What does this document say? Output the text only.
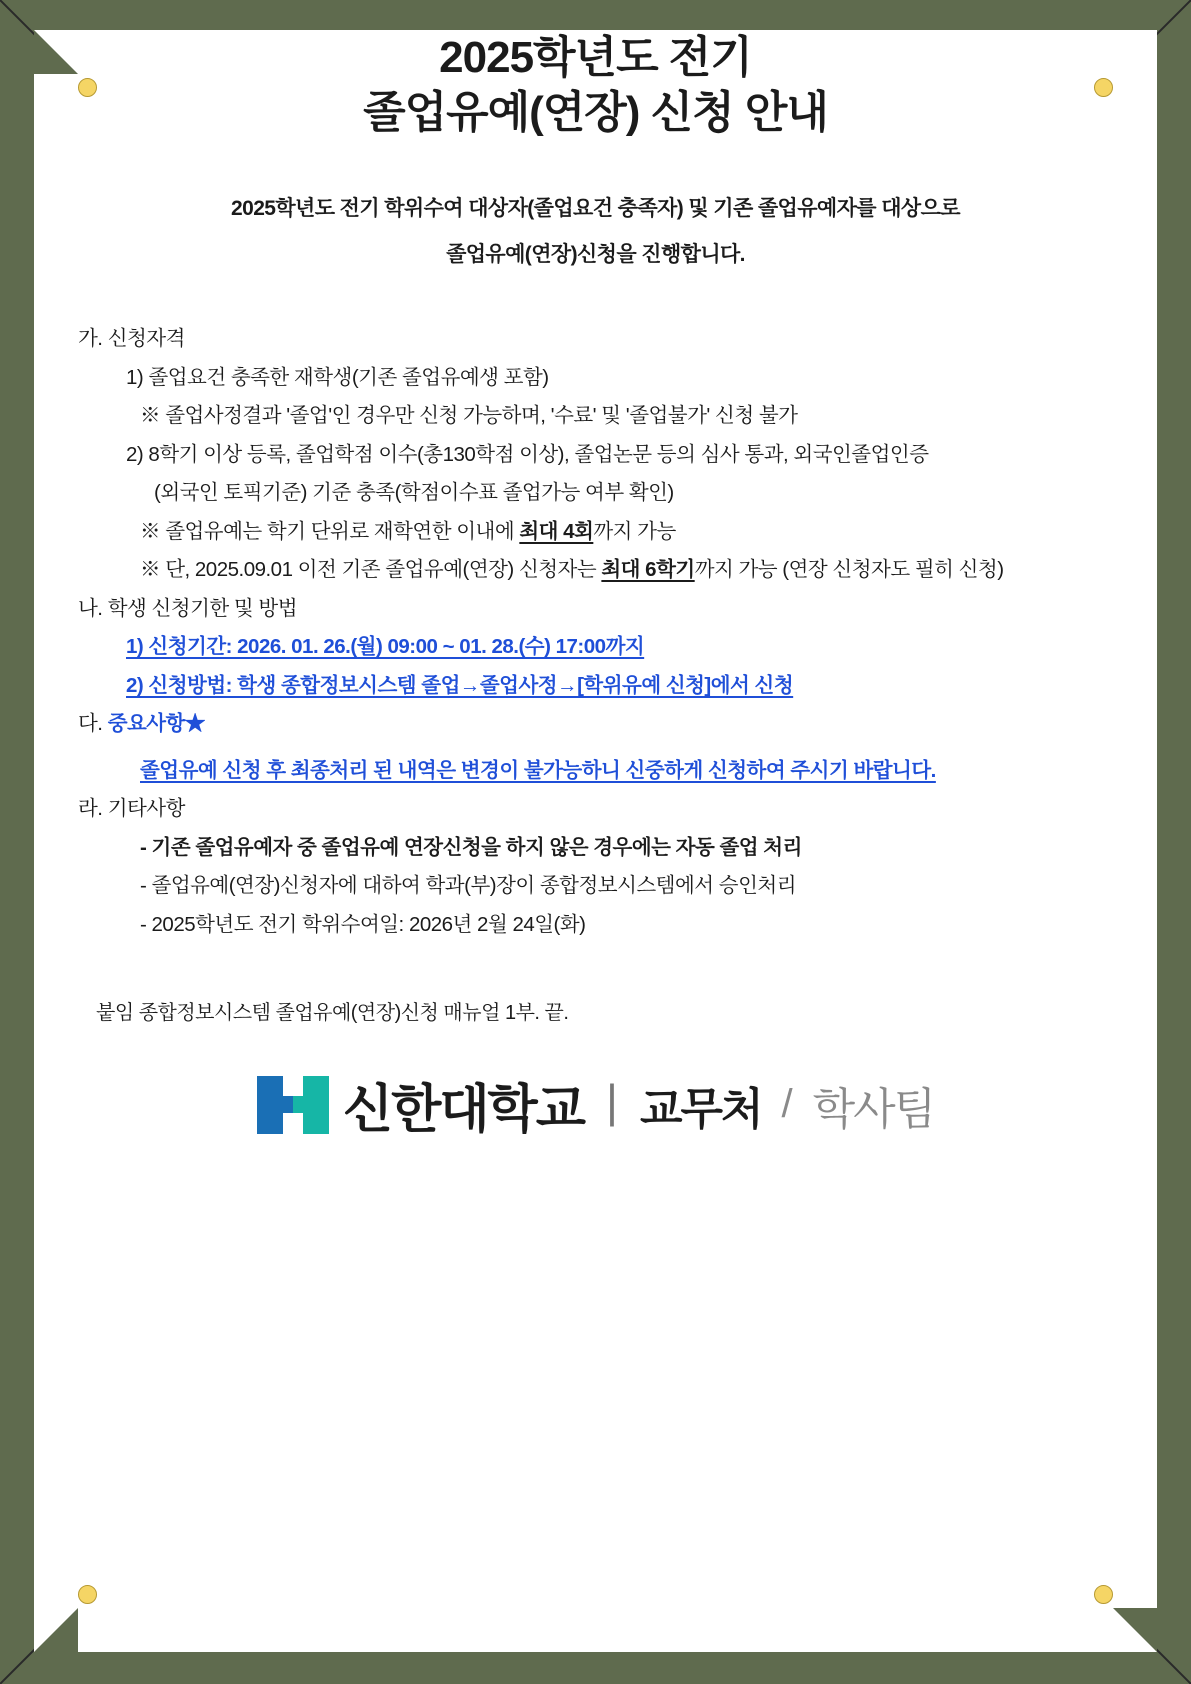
2025학년도 전기
졸업유예(연장) 신청 안내
2025학년도 전기 학위수여 대상자(졸업요건 충족자) 및 기존 졸업유예자를 대상으로
졸업유예(연장)신청을 진행합니다.
가. 신청자격
1) 졸업요건 충족한 재학생(기존 졸업유예생 포함)
※ 졸업사정결과 '졸업'인 경우만 신청 가능하며, '수료' 및 '졸업불가' 신청 불가
2) 8학기 이상 등록, 졸업학점 이수(총130학점 이상), 졸업논문 등의 심사 통과, 외국인졸업인증
(외국인 토픽기준) 기준 충족(학점이수표 졸업가능 여부 확인)
※ 졸업유예는 학기 단위로 재학연한 이내에 최대 4회까지 가능
※ 단, 2025.09.01 이전 기존 졸업유예(연장) 신청자는 최대 6학기까지 가능 (연장 신청자도 필히 신청)
나. 학생 신청기한 및 방법
1) 신청기간: 2026. 01. 26.(월) 09:00 ~ 01. 28.(수) 17:00까지
2) 신청방법: 학생 종합정보시스템 졸업→졸업사정→[학위유예 신청]에서 신청
다. 중요사항★
졸업유예 신청 후 최종처리 된 내역은 변경이 불가능하니 신중하게 신청하여 주시기 바랍니다.
라. 기타사항
- 기존 졸업유예자 중 졸업유예 연장신청을 하지 않은 경우에는 자동 졸업 처리
- 졸업유예(연장)신청자에 대하여 학과(부)장이 종합정보시스템에서 승인처리
- 2025학년도 전기 학위수여일: 2026년 2월 24일(화)
붙임 종합정보시스템 졸업유예(연장)신청 매뉴얼 1부. 끝.
신한대학교 | 교무처 / 학사팀
